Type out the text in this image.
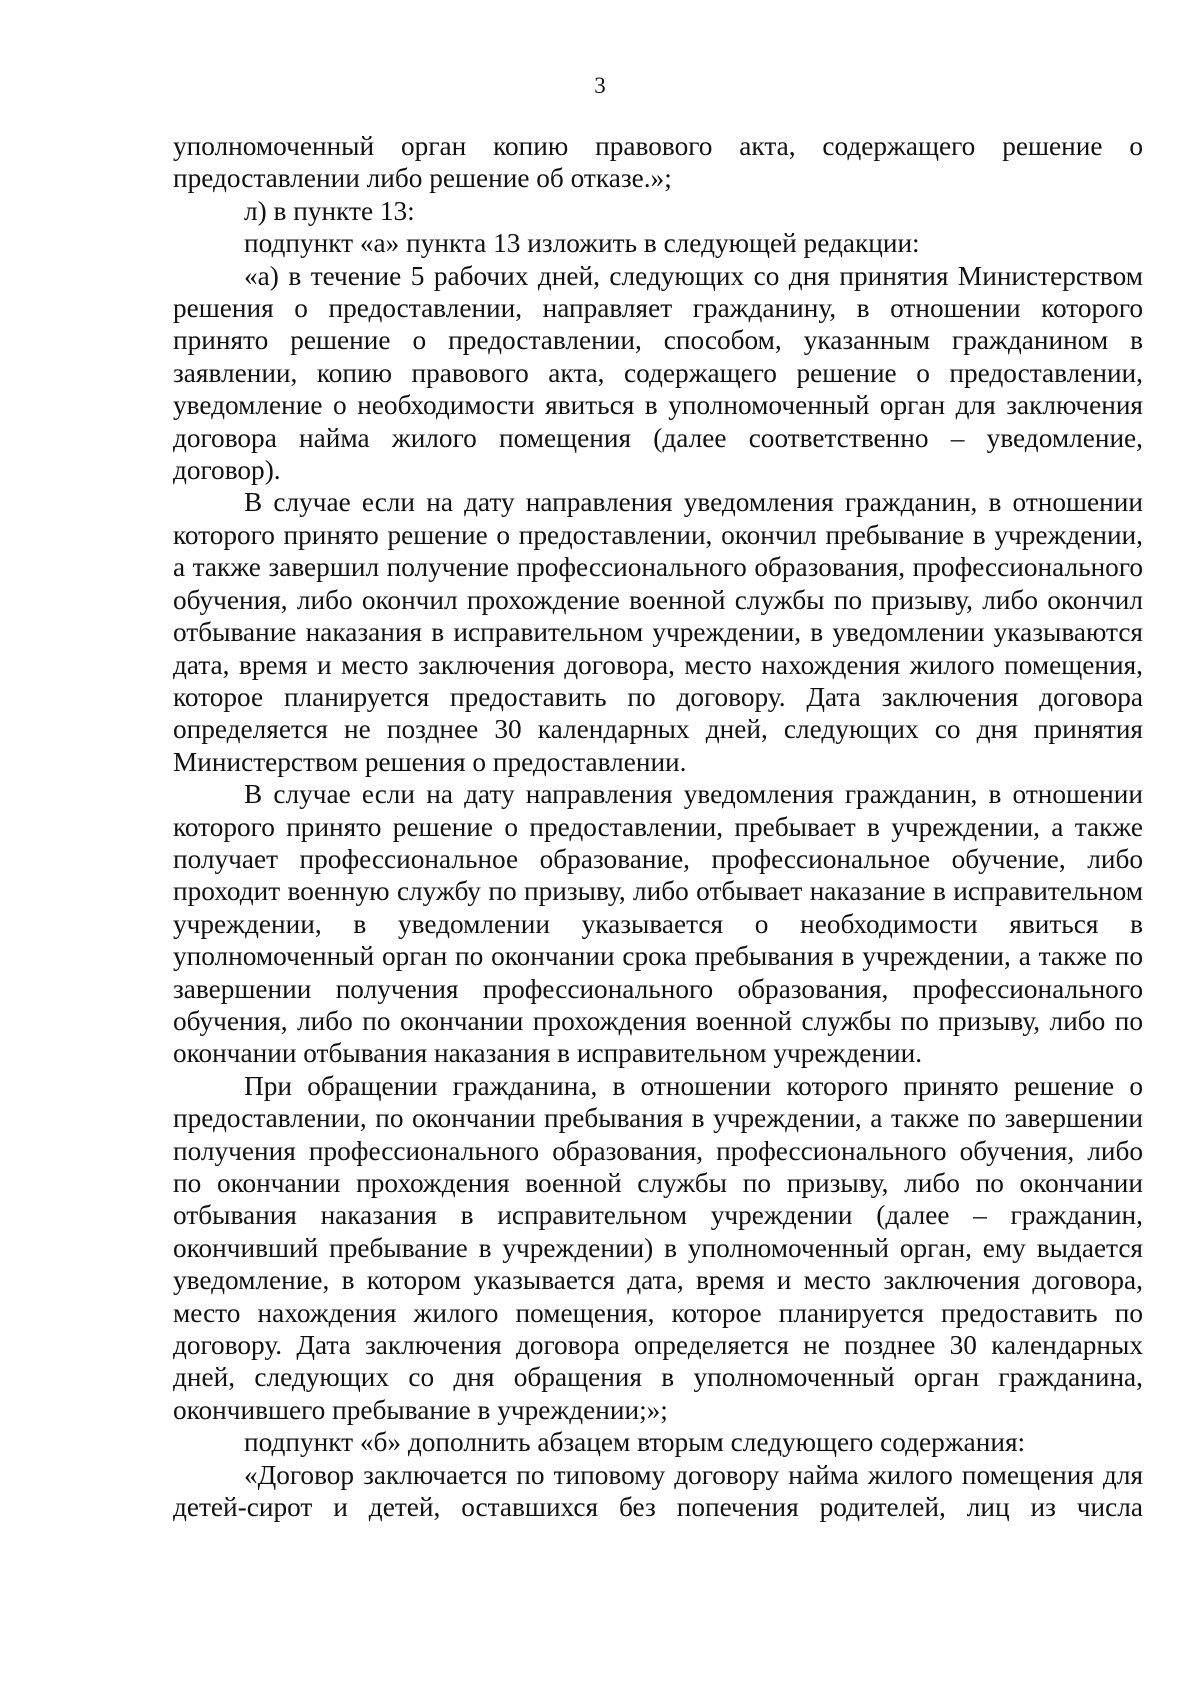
3

уполномоченный орган копию правового акта, содержащего решение о предоставлении либо решение об отказе.»;

л) в пункте 13:

подпункт «а» пункта 13 изложить в следующей редакции:

«а) в течение 5 рабочих дней, следующих со дня принятия Министерством решения о предоставлении, направляет гражданину, в отношении которого принято решение о предоставлении, способом, указанным гражданином в заявлении, копию правового акта, содержащего решение о предоставлении, уведомление о необходимости явиться в уполномоченный орган для заключения договора найма жилого помещения (далее соответственно – уведомление, договор).

В случае если на дату направления уведомления гражданин, в отношении которого принято решение о предоставлении, окончил пребывание в учреждении, а также завершил получение профессионального образования, профессионального обучения, либо окончил прохождение военной службы по призыву, либо окончил отбывание наказания в исправительном учреждении, в уведомлении указываются дата, время и место заключения договора, место нахождения жилого помещения, которое планируется предоставить по договору. Дата заключения договора определяется не позднее 30 календарных дней, следующих со дня принятия Министерством решения о предоставлении.

В случае если на дату направления уведомления гражданин, в отношении которого принято решение о предоставлении, пребывает в учреждении, а также получает профессиональное образование, профессиональное обучение, либо проходит военную службу по призыву, либо отбывает наказание в исправительном учреждении, в уведомлении указывается о необходимости явиться в уполномоченный орган по окончании срока пребывания в учреждении, а также по завершении получения профессионального образования, профессионального обучения, либо по окончании прохождения военной службы по призыву, либо по окончании отбывания наказания в исправительном учреждении.

При обращении гражданина, в отношении которого принято решение о предоставлении, по окончании пребывания в учреждении, а также по завершении получения профессионального образования, профессионального обучения, либо по окончании прохождения военной службы по призыву, либо по окончании отбывания наказания в исправительном учреждении (далее – гражданин, окончивший пребывание в учреждении) в уполномоченный орган, ему выдается уведомление, в котором указывается дата, время и место заключения договора, место нахождения жилого помещения, которое планируется предоставить по договору. Дата заключения договора определяется не позднее 30 календарных дней, следующих со дня обращения в уполномоченный орган гражданина, окончившего пребывание в учреждении;»;

подпункт «б» дополнить абзацем вторым следующего содержания:

«Договор заключается по типовому договору найма жилого помещения для детей-сирот и детей, оставшихся без попечения родителей, лиц из числа
